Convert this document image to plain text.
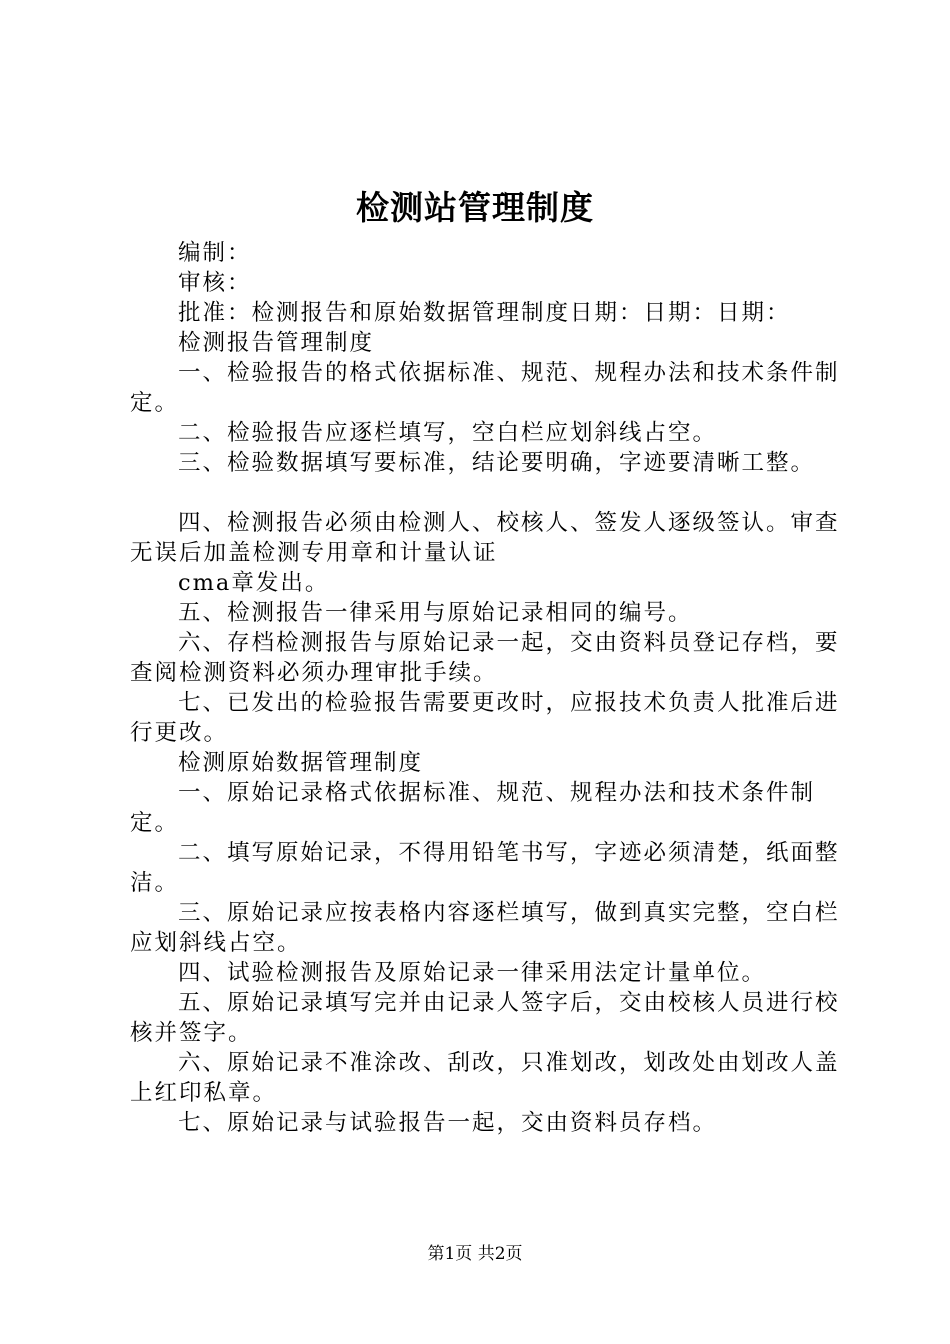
检测站管理制度

编制：

审核：

批准：检测报告和原始数据管理制度日期：日期：日期：

检测报告管理制度

一、检验报告的格式依据标准、规范、规程办法和技术条件制定。

二、检验报告应逐栏填写，空白栏应划斜线占空。

三、检验数据填写要标准，结论要明确，字迹要清晰工整。

四、检测报告必须由检测人、校核人、签发人逐级签认。审查无误后加盖检测专用章和计量认证

cma章发出。

五、检测报告一律采用与原始记录相同的编号。

六、存档检测报告与原始记录一起，交由资料员登记存档，要查阅检测资料必须办理审批手续。

七、已发出的检验报告需要更改时，应报技术负责人批准后进行更改。

检测原始数据管理制度

一、原始记录格式依据标准、规范、规程办法和技术条件制定。

二、填写原始记录，不得用铅笔书写，字迹必须清楚，纸面整洁。

三、原始记录应按表格内容逐栏填写，做到真实完整，空白栏应划斜线占空。

四、试验检测报告及原始记录一律采用法定计量单位。

五、原始记录填写完并由记录人签字后，交由校核人员进行校核并签字。

六、原始记录不准涂改、刮改，只准划改，划改处由划改人盖上红印私章。

七、原始记录与试验报告一起，交由资料员存档。

第1页 共2页
